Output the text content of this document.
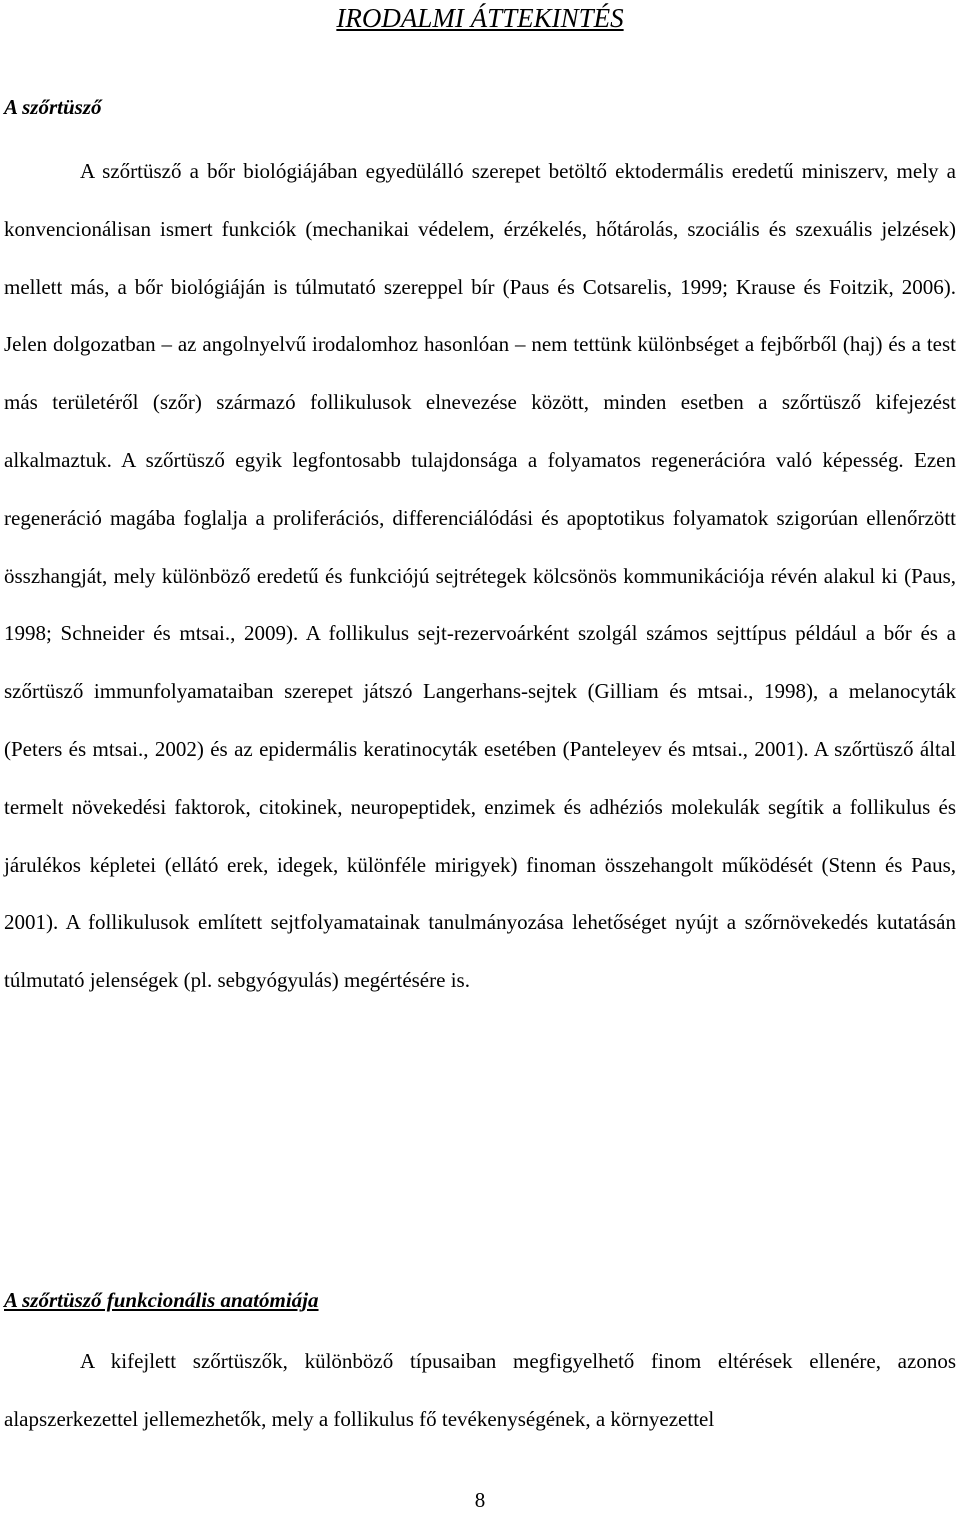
IRODALMI ÁTTEKINTÉS
A szőrtüsző

A szőrtüsző a bőr biológiájában egyedülálló szerepet betöltő ektodermális eredetű miniszerv, mely a konvencionálisan ismert funkciók (mechanikai védelem, érzékelés, hőtárolás, szociális és szexuális jelzések) mellett más, a bőr biológiáján is túlmutató szereppel bír (Paus és Cotsarelis, 1999; Krause és Foitzik, 2006). Jelen dolgozatban – az angolnyelvű irodalomhoz hasonlóan – nem tettünk különbséget a fejbőrből (haj) és a test más területéről (szőr) származó follikulusok elnevezése között, minden esetben a szőrtüsző kifejezést alkalmaztuk. A szőrtüsző egyik legfontosabb tulajdonsága a folyamatos regenerációra való képesség. Ezen regeneráció magába foglalja a proliferációs, differenciálódási és apoptotikus folyamatok szigorúan ellenőrzött összhangját, mely különböző eredetű és funkciójú sejtrétegek kölcsönös kommunikációja révén alakul ki (Paus, 1998; Schneider és mtsai., 2009). A follikulus sejt-rezervoárként szolgál számos sejttípus például a bőr és a szőrtüsző immunfolyamataiban szerepet játszó Langerhans-sejtek (Gilliam és mtsai., 1998), a melanocyták (Peters és mtsai., 2002) és az epidermális keratinocyták esetében (Panteleyev és mtsai., 2001). A szőrtüsző által termelt növekedési faktorok, citokinek, neuropeptidek, enzimek és adhéziós molekulák segítik a follikulus és járulékos képletei (ellátó erek, idegek, különféle mirigyek) finoman összehangolt működését (Stenn és Paus, 2001). A follikulusok említett sejtfolyamatainak tanulmányozása lehetőséget nyújt a szőrnövekedés kutatásán túlmutató jelenségek (pl. sebgyógyulás) megértésére is.

A szőrtüsző funkcionális anatómiája

A kifejlett szőrtüszők, különböző típusaiban megfigyelhető finom eltérések ellenére, azonos alapszerkezettel jellemezhetők, mely a follikulus fő tevékenységének, a környezettel

8
